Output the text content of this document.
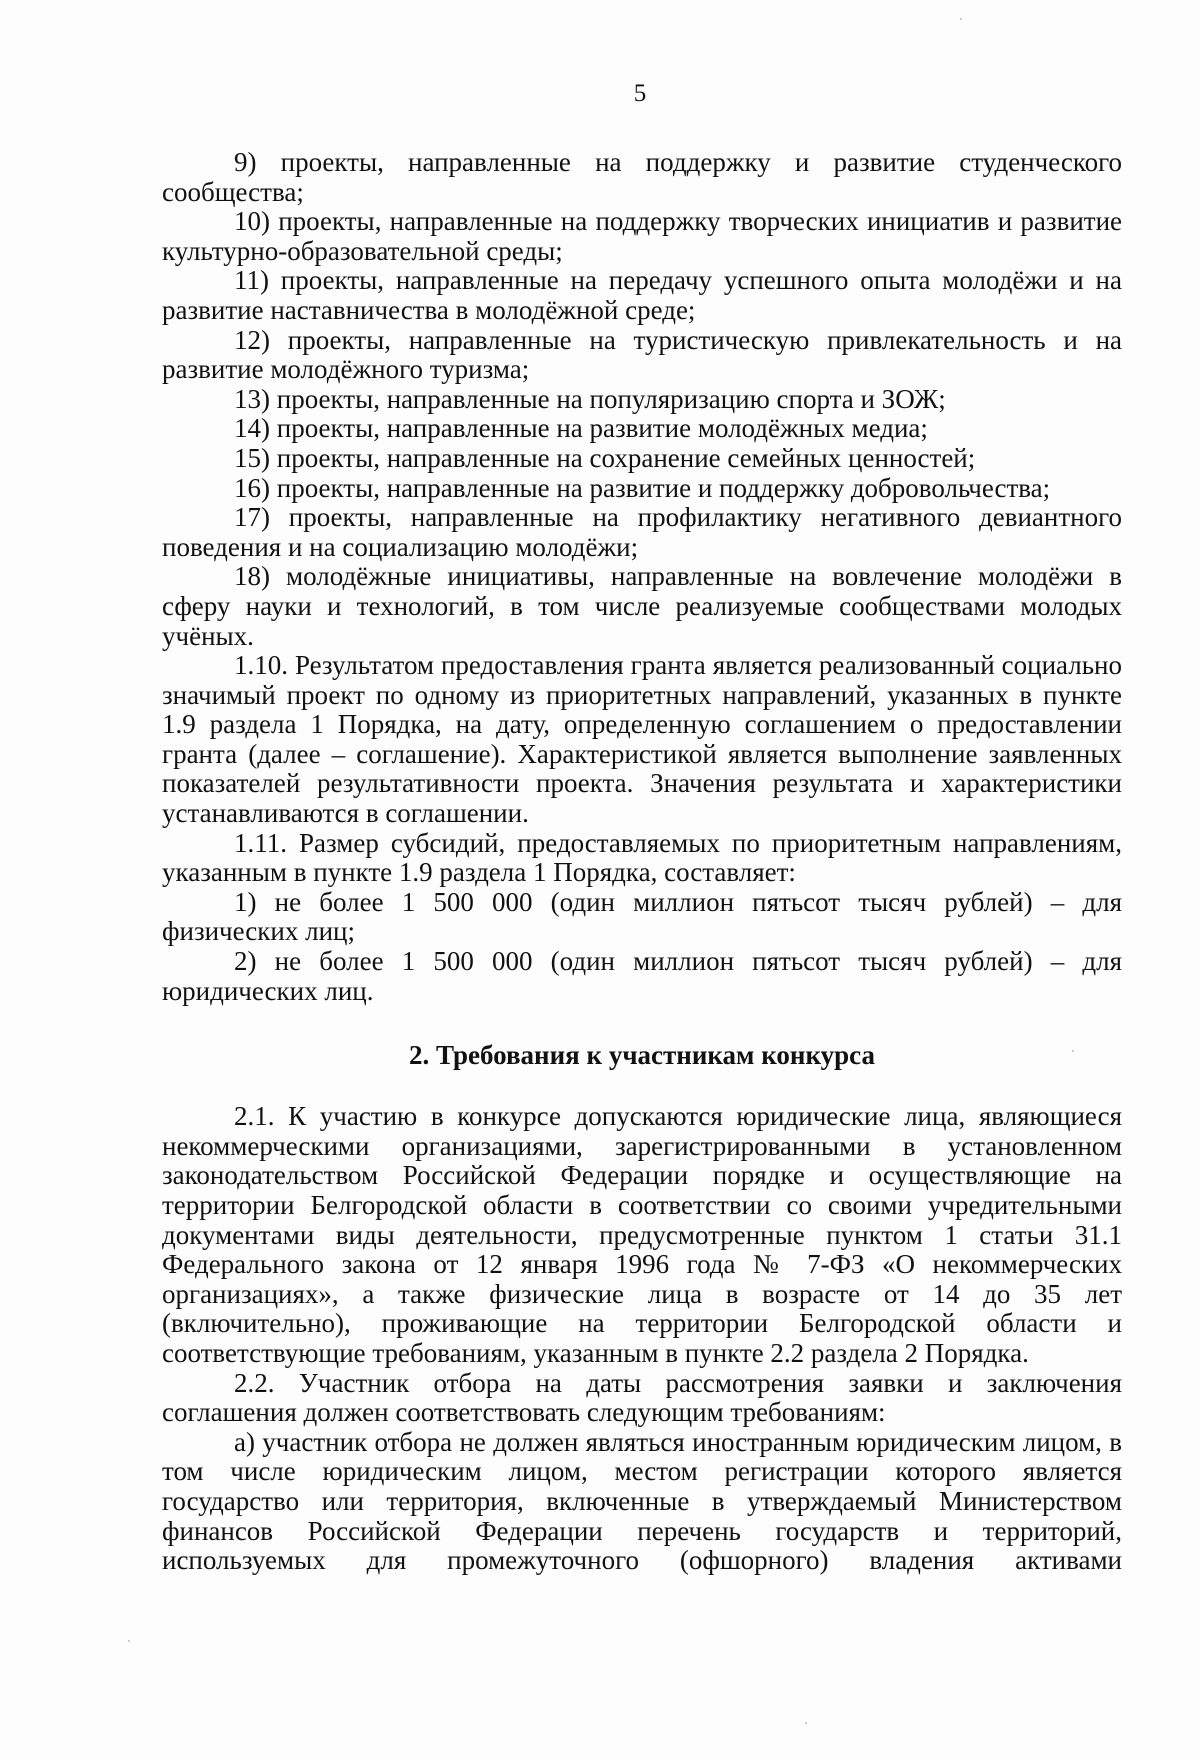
5

9) проекты, направленные на поддержку и развитие студенческого сообщества;

10) проекты, направленные на поддержку творческих инициатив и развитие культурно-образовательной среды;

11) проекты, направленные на передачу успешного опыта молодёжи и на развитие наставничества в молодёжной среде;

12) проекты, направленные на туристическую привлекательность и на развитие молодёжного туризма;

13) проекты, направленные на популяризацию спорта и ЗОЖ;

14) проекты, направленные на развитие молодёжных медиа;

15) проекты, направленные на сохранение семейных ценностей;

16) проекты, направленные на развитие и поддержку добровольчества;

17) проекты, направленные на профилактику негативного девиантного поведения и на социализацию молодёжи;

18) молодёжные инициативы, направленные на вовлечение молодёжи в сферу науки и технологий, в том числе реализуемые сообществами молодых учёных.

1.10. Результатом предоставления гранта является реализованный социально значимый проект по одному из приоритетных направлений, указанных в пункте 1.9 раздела 1 Порядка, на дату, определенную соглашением о предоставлении гранта (далее – соглашение). Характеристикой является выполнение заявленных показателей результативности проекта. Значения результата и характеристики устанавливаются в соглашении.

1.11. Размер субсидий, предоставляемых по приоритетным направлениям, указанным в пункте 1.9 раздела 1 Порядка, составляет:

1) не более 1 500 000 (один миллион пятьсот тысяч рублей) – для физических лиц;

2) не более 1 500 000 (один миллион пятьсот тысяч рублей) – для юридических лиц.

2. Требования к участникам конкурса

2.1. К участию в конкурсе допускаются юридические лица, являющиеся некоммерческими организациями, зарегистрированными в установленном законодательством Российской Федерации порядке и осуществляющие на территории Белгородской области в соответствии со своими учредительными документами виды деятельности, предусмотренные пунктом 1 статьи 31.1 Федерального закона от 12 января 1996 года № 7-ФЗ «О некоммерческих организациях», а также физические лица в возрасте от 14 до 35 лет (включительно), проживающие на территории Белгородской области и соответствующие требованиям, указанным в пункте 2.2 раздела 2 Порядка.

2.2. Участник отбора на даты рассмотрения заявки и заключения соглашения должен соответствовать следующим требованиям:

а) участник отбора не должен являться иностранным юридическим лицом, в том числе юридическим лицом, местом регистрации которого является государство или территория, включенные в утверждаемый Министерством финансов Российской Федерации перечень государств и территорий, используемых для промежуточного (офшорного) владения активами
